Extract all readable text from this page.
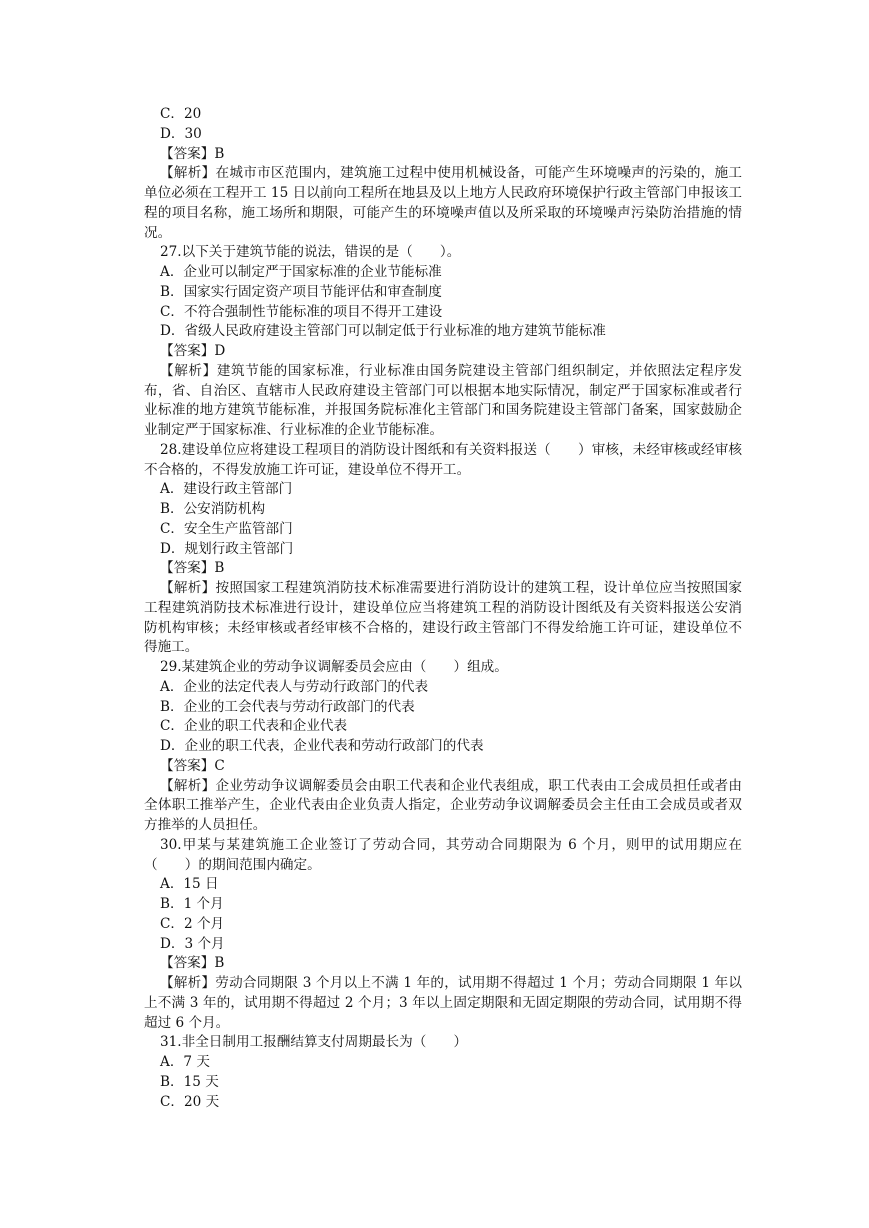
C．20
D．30
【答案】B
【解析】在城市市区范围内，建筑施工过程中使用机械设备，可能产生环境噪声的污染的，施工单位必须在工程开工 15 日以前向工程所在地县及以上地方人民政府环境保护行政主管部门申报该工程的项目名称，施工场所和期限，可能产生的环境噪声值以及所采取的环境噪声污染防治措施的情况。
27.以下关于建筑节能的说法，错误的是（　　）。
A．企业可以制定严于国家标准的企业节能标准
B．国家实行固定资产项目节能评估和审查制度
C．不符合强制性节能标准的项目不得开工建设
D．省级人民政府建设主管部门可以制定低于行业标准的地方建筑节能标准
【答案】D
【解析】建筑节能的国家标准，行业标准由国务院建设主管部门组织制定，并依照法定程序发布，省、自治区、直辖市人民政府建设主管部门可以根据本地实际情况，制定严于国家标准或者行业标准的地方建筑节能标准，并报国务院标准化主管部门和国务院建设主管部门备案，国家鼓励企业制定严于国家标准、行业标准的企业节能标准。
28.建设单位应将建设工程项目的消防设计图纸和有关资料报送（　　）审核，未经审核或经审核不合格的，不得发放施工许可证，建设单位不得开工。
A．建设行政主管部门
B．公安消防机构
C．安全生产监管部门
D．规划行政主管部门
【答案】B
【解析】按照国家工程建筑消防技术标准需要进行消防设计的建筑工程，设计单位应当按照国家工程建筑消防技术标准进行设计，建设单位应当将建筑工程的消防设计图纸及有关资料报送公安消防机构审核；未经审核或者经审核不合格的，建设行政主管部门不得发给施工许可证，建设单位不得施工。
29.某建筑企业的劳动争议调解委员会应由（　　）组成。
A．企业的法定代表人与劳动行政部门的代表
B．企业的工会代表与劳动行政部门的代表
C．企业的职工代表和企业代表
D．企业的职工代表，企业代表和劳动行政部门的代表
【答案】C
【解析】企业劳动争议调解委员会由职工代表和企业代表组成，职工代表由工会成员担任或者由全体职工推举产生，企业代表由企业负责人指定，企业劳动争议调解委员会主任由工会成员或者双方推举的人员担任。
30.甲某与某建筑施工企业签订了劳动合同，其劳动合同期限为 6 个月，则甲的试用期应在（　　）的期间范围内确定。
A．15 日
B．1 个月
C．2 个月
D．3 个月
【答案】B
【解析】劳动合同期限 3 个月以上不满 1 年的，试用期不得超过 1 个月；劳动合同期限 1 年以上不满 3 年的，试用期不得超过 2 个月；3 年以上固定期限和无固定期限的劳动合同，试用期不得超过 6 个月。
31.非全日制用工报酬结算支付周期最长为（　　）
A．7 天
B．15 天
C．20 天
